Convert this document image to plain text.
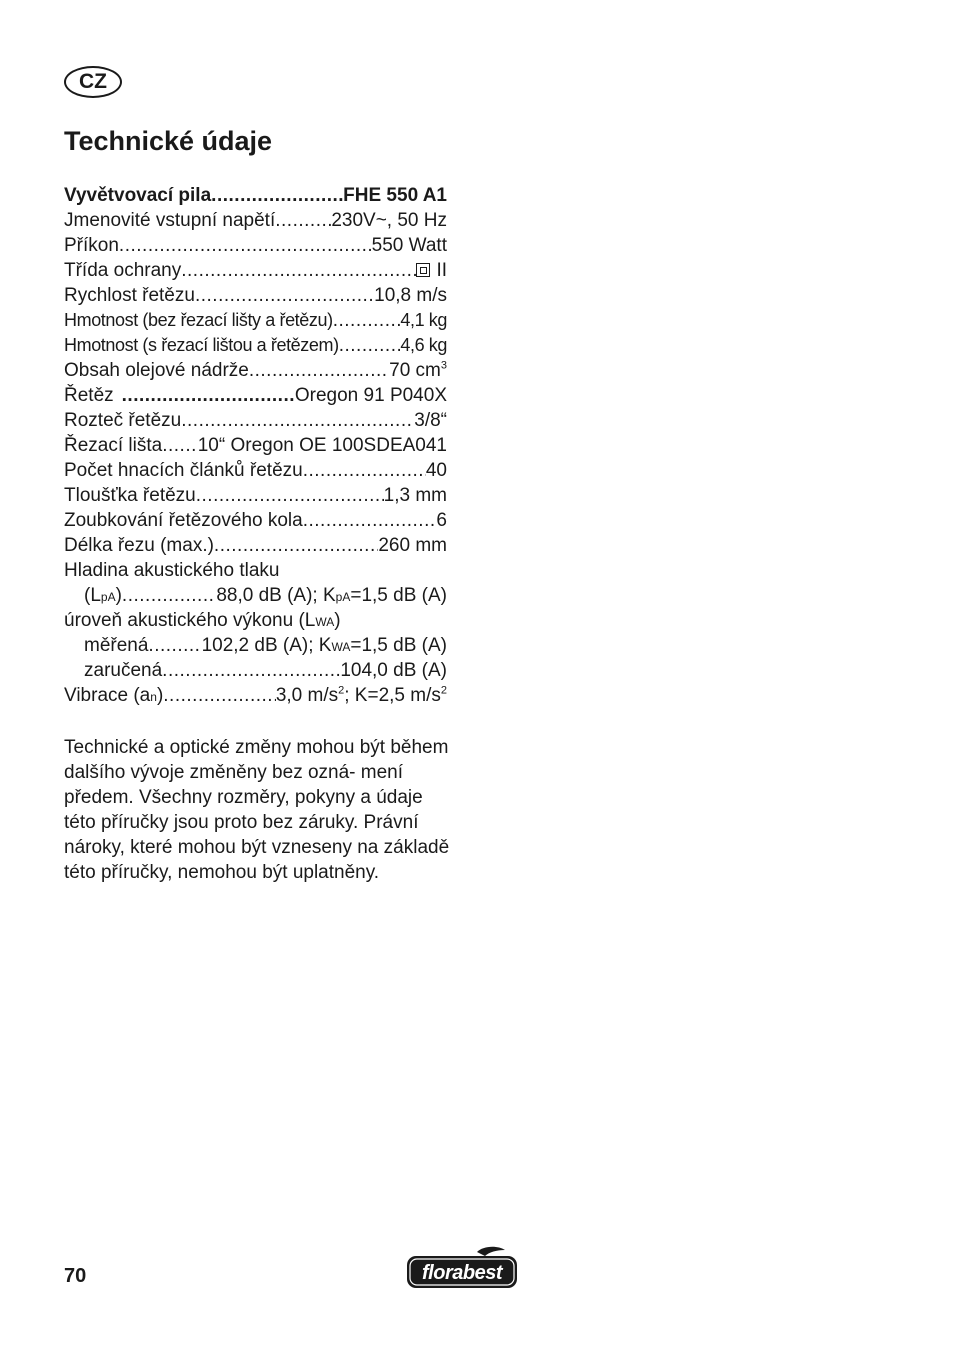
CZ
Technické údaje
Vyvětvovací pila .....	FHE 550 A1
Jmenovité vstupní napětí .....	230V~, 50 Hz
Příkon .....	550 Watt
Třída ochrany .....	II
Rychlost řetězu .....	10,8 m/s
Hmotnost (bez řezací lišty a řetězu) .....	4,1 kg
Hmotnost (s řezací lištou a řetězem) .....	4,6 kg
Obsah olejové nádrže .....	70 $cm^3$
Řetěz .....	Oregon 91 P040X
Rozteč řetězu .....	3/8“
Řezací lišta ..... 10“ Oregon OE 100SDEA041
Počet hnacích článků řetězu .....	40
Tloušťka řetězu .....	1,3 mm
Zoubkování řetězového kola .....	6
Délka řezu (max.) .....	260 mm
Hladina akustického tlaku
(LpA) .....	88,0 dB (A); KpA=1,5 dB (A)
úroveň akustického výkonu (LWA)
měřená .....	102,2 dB (A); KWA=1,5 dB (A)
zaručená .....	104,0 dB (A)
Vibrace (an) .....	3,0 $m/s^2$; K=2,5 $m/s^2$

Technické a optické změny mohou být během dalšího vývoje změněny bez ozná- mení předem. Všechny rozměry, pokyny a údaje této příručky jsou proto bez záruky. Právní nároky, které mohou být vzneseny na základě této příručky, nemohou být uplatněny.

70	florabest
